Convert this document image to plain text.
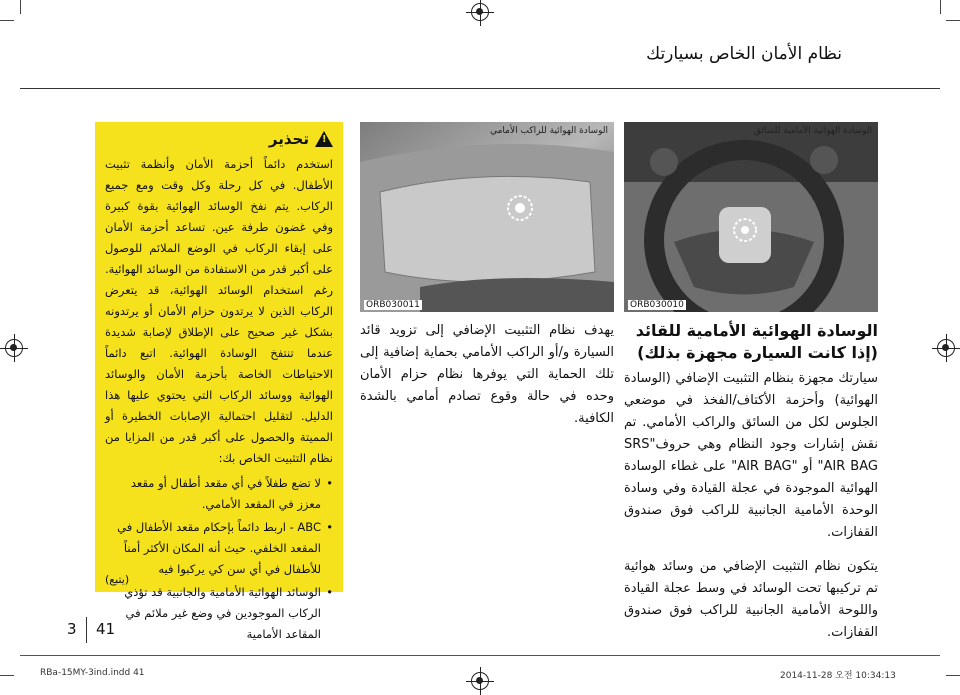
نظام الأمان الخاص بسيارتك
!
تحذير
استخدم دائماً أحزمة الأمان وأنظمة تثبيت الأطفال. في كل رحلة وكل وقت ومع جميع الركاب. يتم نفخ الوسائد الهوائية بقوة كبيرة وفي غضون طرفة عين. تساعد أحزمة الأمان على إبقاء الركاب في الوضع الملائم للوصول على أكبر قدر من الاستفادة من الوسائد الهوائية. رغم استخدام الوسائد الهوائية، قد يتعرض الركاب الذين لا يرتدون حزام الأمان أو يرتدونه بشكل غير صحيح على الإطلاق لإصابة شديدة عندما تنتفخ الوسادة الهوائية. اتبع دائماً الاحتياطات الخاصة بأحزمة الأمان والوسائد الهوائية ووسائد الركاب التي يحتوي عليها هذا الدليل. لتقليل احتمالية الإصابات الخطيرة أو المميتة والحصول على أكبر قدر من المزايا من نظام التثبيت الخاص بك:
• لا تضع طفلاً في أي مقعد أطفال أو مقعد معزز في المقعد الأمامي.
• ABC - اربط دائماً بإحكام مقعد الأطفال في المقعد الخلفي. حيث أنه المكان الأكثر أمناً للأطفال في أي سن كي يركبوا فيه
• الوسائد الهوائية الأمامية والجانبية قد تؤذي الركاب الموجودين في وضع غير ملائم في المقاعد الأمامية
(يتبع)
الوسادة الهوائية للراكب الأمامي
ORB030011
الوسادة الهوائية الأمامية للسائق
ORB030010
يهدف نظام التثبيت الإضافي إلى تزويد قائد السيارة و/أو الراكب الأمامي بحماية إضافية إلى تلك الحماية التي يوفرها نظام حزام الأمان وحده في حالة وقوع تصادم أمامي بالشدة الكافية.
الوسادة الهوائية الأمامية للقائد
(إذا كانت السيارة مجهزة بذلك)
سيارتك مجهزة بنظام التثبيت الإضافي (الوسادة الهوائية) وأحزمة الأكتاف/الفخذ في موضعي الجلوس لكل من السائق والراكب الأمامي. تم نقش إشارات وجود النظام وهي حروف"SRS AIR BAG" أو "AIR BAG" على غطاء الوسادة الهوائية الموجودة في عجلة القيادة وفي وسادة الوحدة الأمامية الجانبية للراكب فوق صندوق القفازات.
يتكون نظام التثبيت الإضافي من وسائد هوائية تم تركيبها تحت الوسائد في وسط عجلة القيادة واللوحة الأمامية الجانبية للراكب فوق صندوق القفازات.
3 41
RBa-15MY-3ind.indd 41	2014-11-28 오전 10:34:13
